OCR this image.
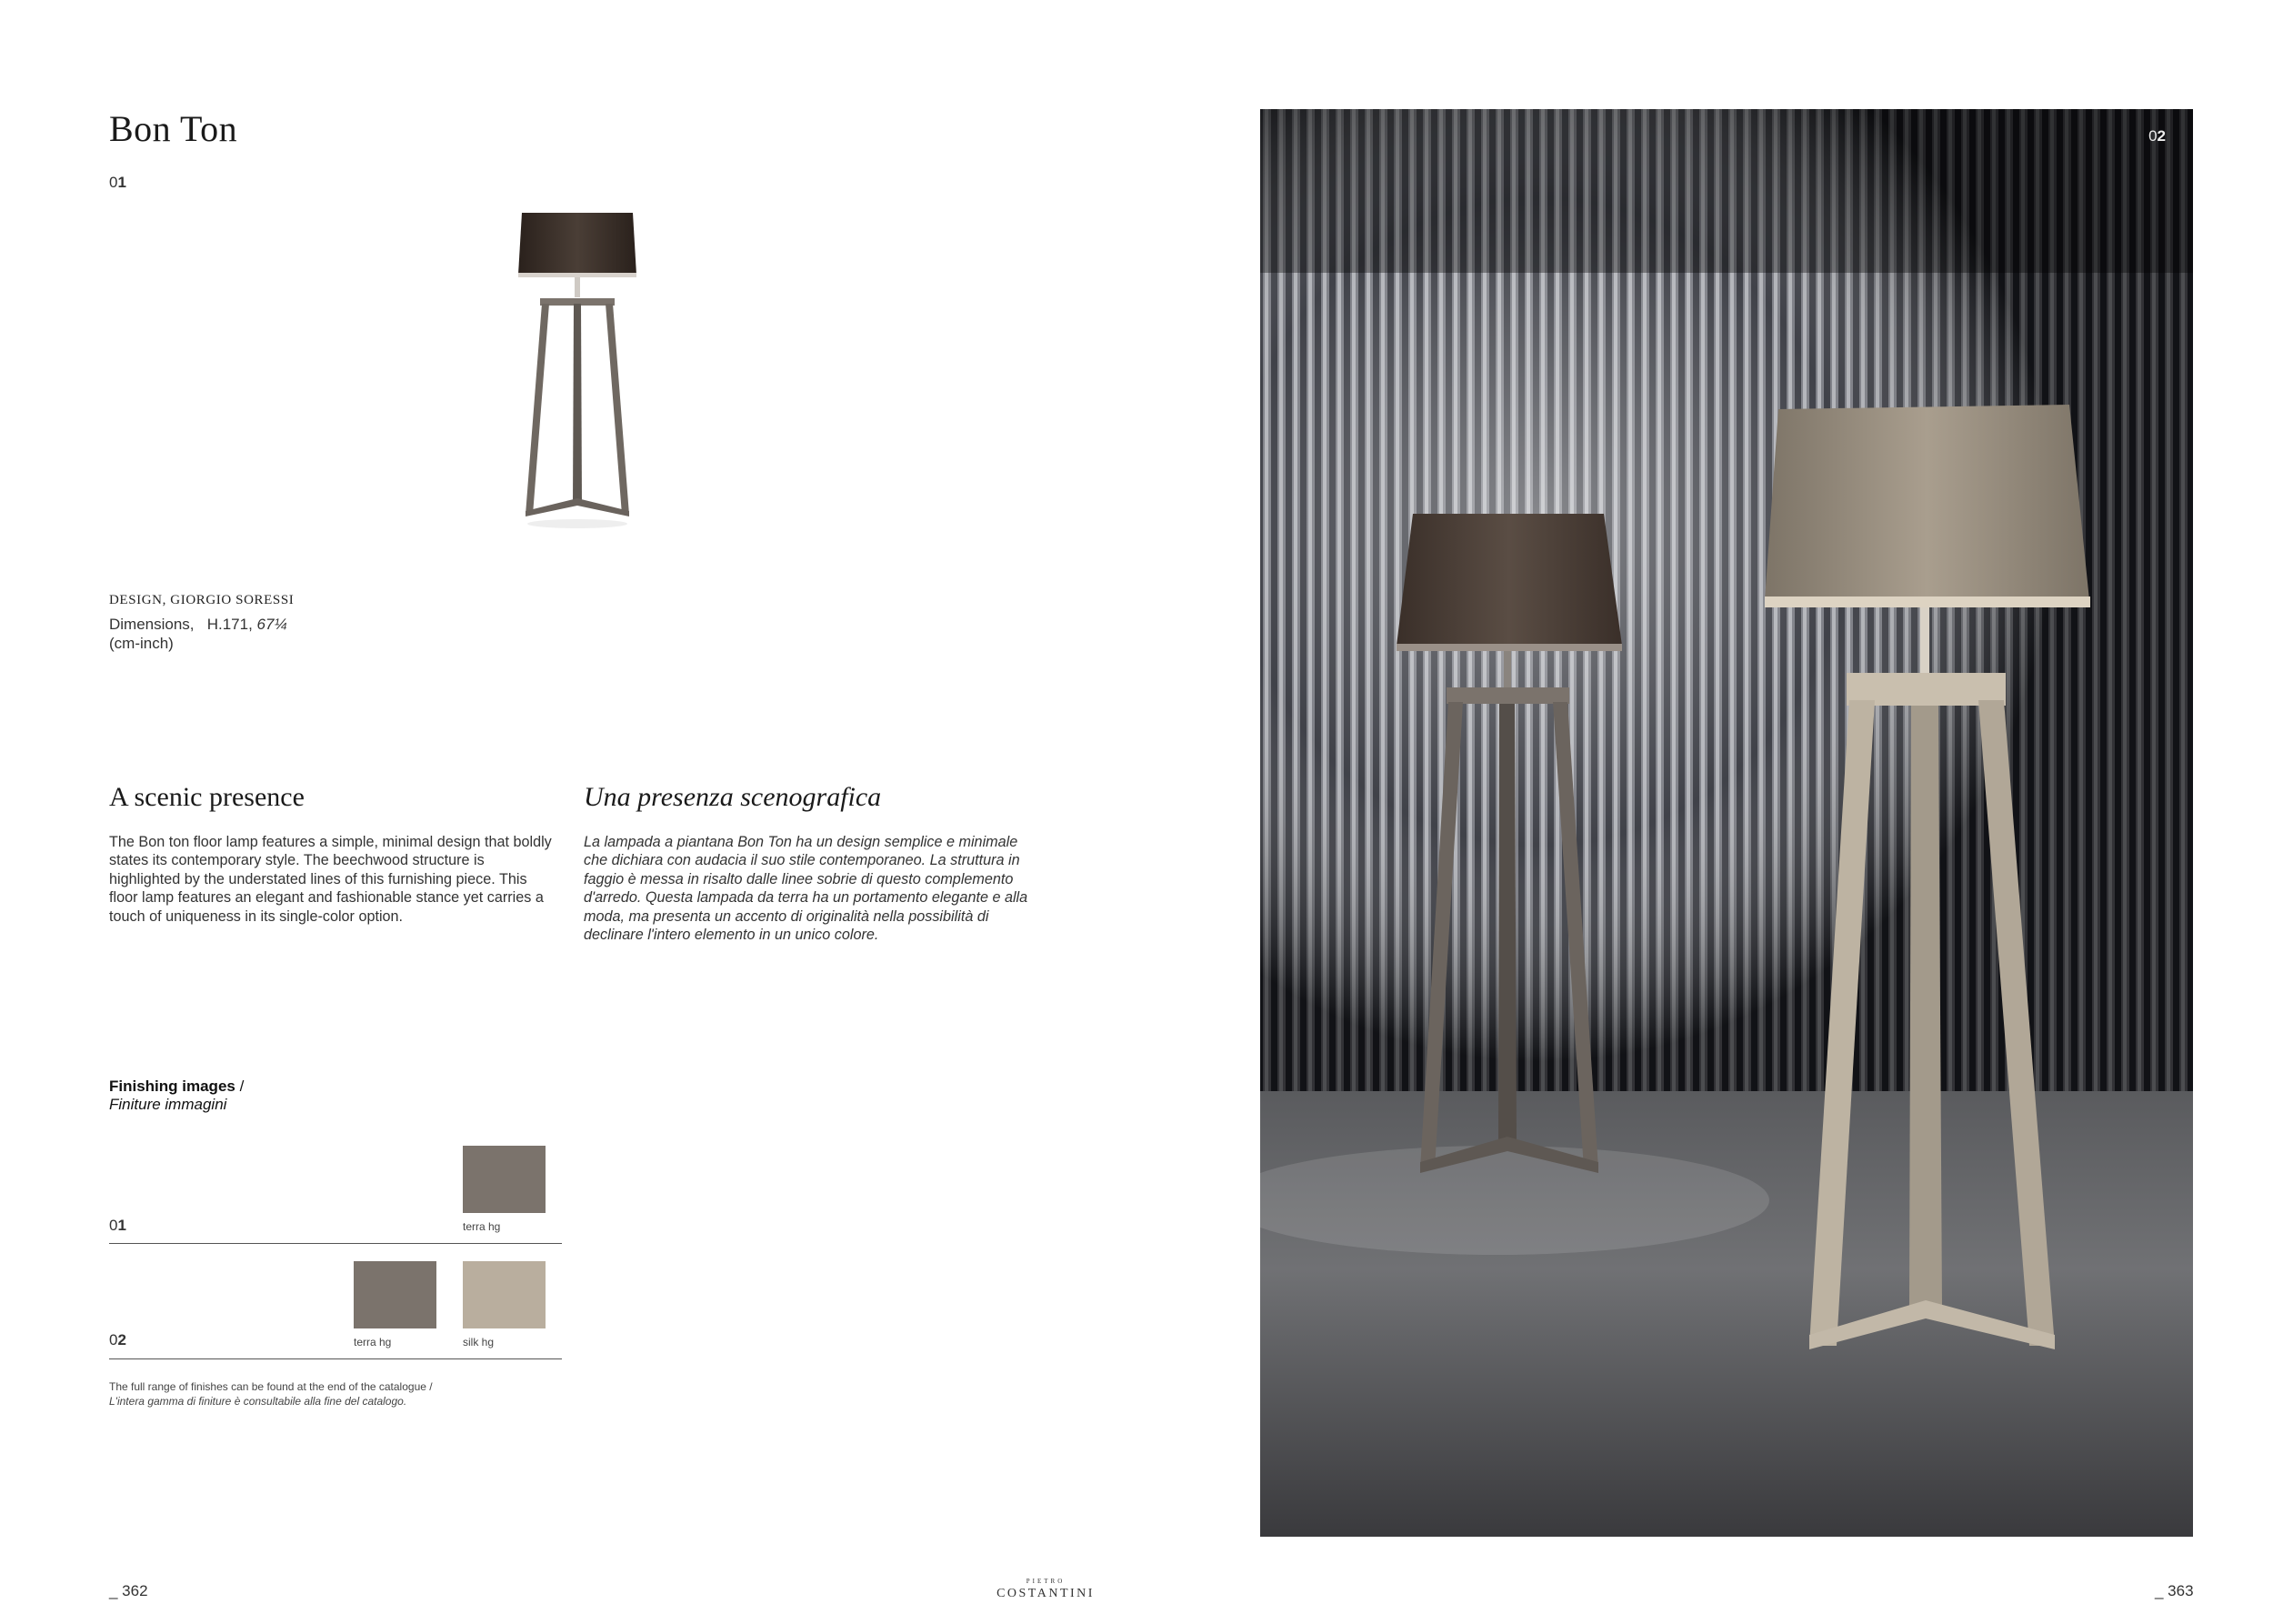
Bon Ton
01
DESIGN, GIORGIO SORESSI
Dimensions, H.171, 67¼
(cm-inch)
A scenic presence
The Bon ton floor lamp features a simple, minimal design that boldly states its contemporary style. The beechwood structure is highlighted by the understated lines of this furnishing piece. This floor lamp features an elegant and fashionable stance yet carries a touch of uniqueness in its single-color option.
Una presenza scenografica
La lampada a piantana Bon Ton ha un design semplice e minimale che dichiara con audacia il suo stile contemporaneo. La struttura in faggio è messa in risalto dalle linee sobrie di questo complemento d'arredo. Questa lampada da terra ha un portamento elegante e alla moda, ma presenta un accento di originalità nella possibilità di declinare l'intero elemento in un unico colore.
Finishing images /
Finiture immagini
terra hg
01
terra hg	silk hg
02
The full range of finishes can be found at the end of the catalogue /
L'intera gamma di finiture è consultabile alla fine del catalogo.
02
_ 362
PIETRO
COSTANTINI	_ 363
